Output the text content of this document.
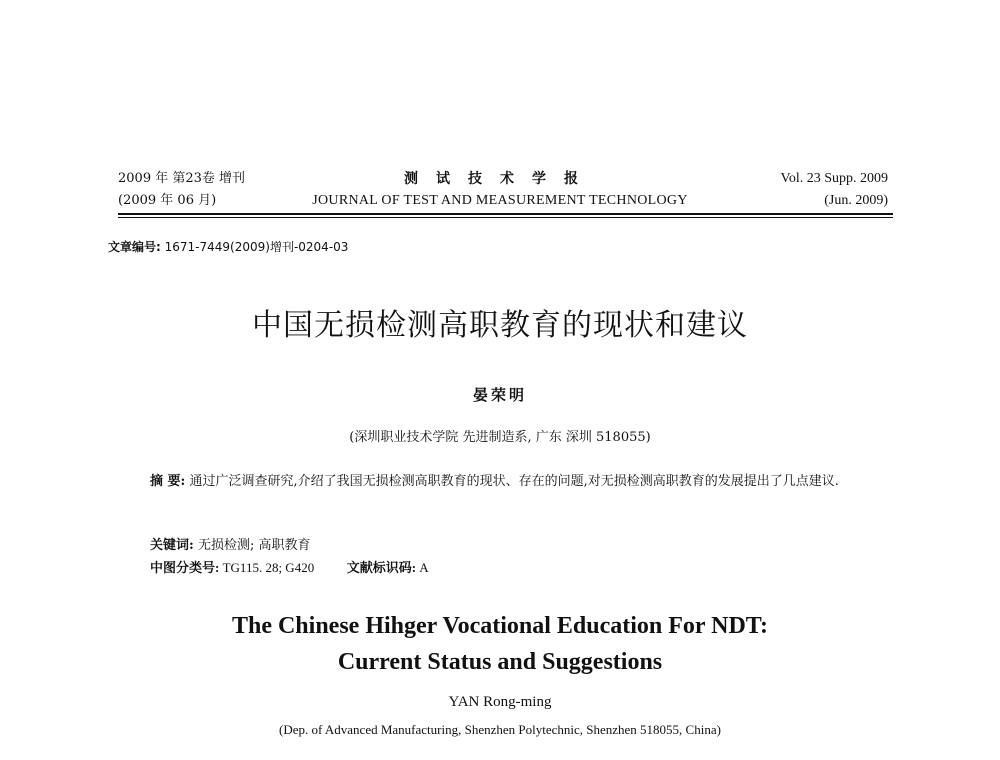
2009 年 第23卷 增刊
(2009 年 06 月)
测试技术学报
JOURNAL OF TEST AND MEASUREMENT TECHNOLOGY
Vol. 23 Supp. 2009
(Jun. 2009)
文章编号: 1671-7449(2009)增刊-0204-03
中国无损检测高职教育的现状和建议
晏荣明
(深圳职业技术学院 先进制造系, 广东 深圳 518055)
摘 要: 通过广泛调查研究,介绍了我国无损检测高职教育的现状、存在的问题,对无损检测高职教育的发展提出了几点建议.
关键词: 无损检测; 高职教育
中图分类号: TG115. 28; G420	文献标识码: A
The Chinese Hihger Vocational Education For NDT:
Current Status and Suggestions
YAN Rong-ming
(Dep. of Advanced Manufacturing, Shenzhen Polytechnic, Shenzhen 518055, China)
